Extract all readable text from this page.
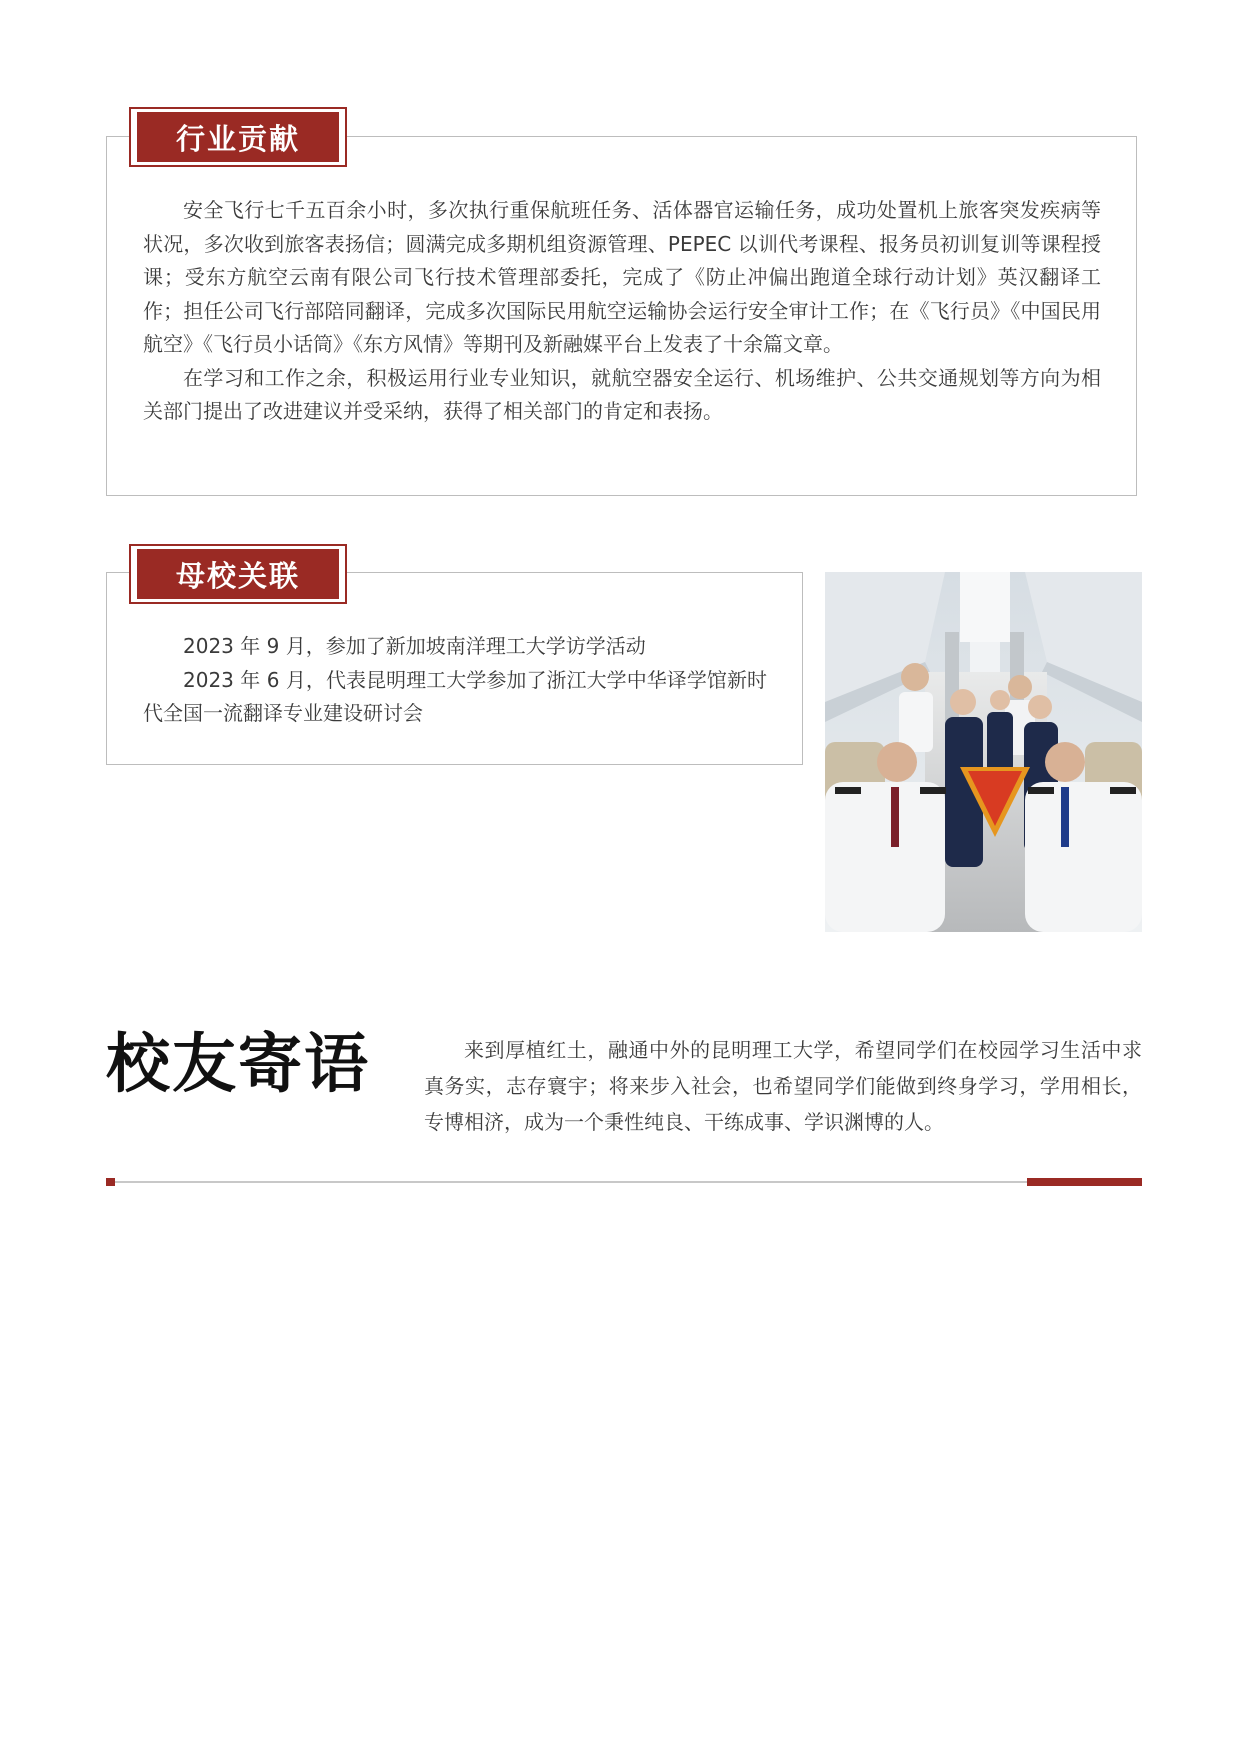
安全飞行七千五百余小时，多次执行重保航班任务、活体器官运输任务，成功处置机上旅客突发疾病等状况，多次收到旅客表扬信；圆满完成多期机组资源管理、PEPEC 以训代考课程、报务员初训复训等课程授课；受东方航空云南有限公司飞行技术管理部委托，完成了《防止冲偏出跑道全球行动计划》英汉翻译工作；担任公司飞行部陪同翻译，完成多次国际民用航空运输协会运行安全审计工作；在《飞行员》《中国民用航空》《飞行员小话筒》《东方风情》等期刊及新融媒平台上发表了十余篇文章。

在学习和工作之余，积极运用行业专业知识，就航空器安全运行、机场维护、公共交通规划等方向为相关部门提出了改进建议并受采纳，获得了相关部门的肯定和表扬。

行业贡献

2023 年 9 月，参加了新加坡南洋理工大学访学活动

2023 年 6 月，代表昆明理工大学参加了浙江大学中华译学馆新时代全国一流翻译专业建设研讨会

母校关联
校友寄语	来到厚植红土，融通中外的昆明理工大学，希望同学们在校园学习生活中求真务实，志存寰宇；将来步入社会，也希望同学们能做到终身学习，学用相长，专博相济，成为一个秉性纯良、干练成事、学识渊博的人。
